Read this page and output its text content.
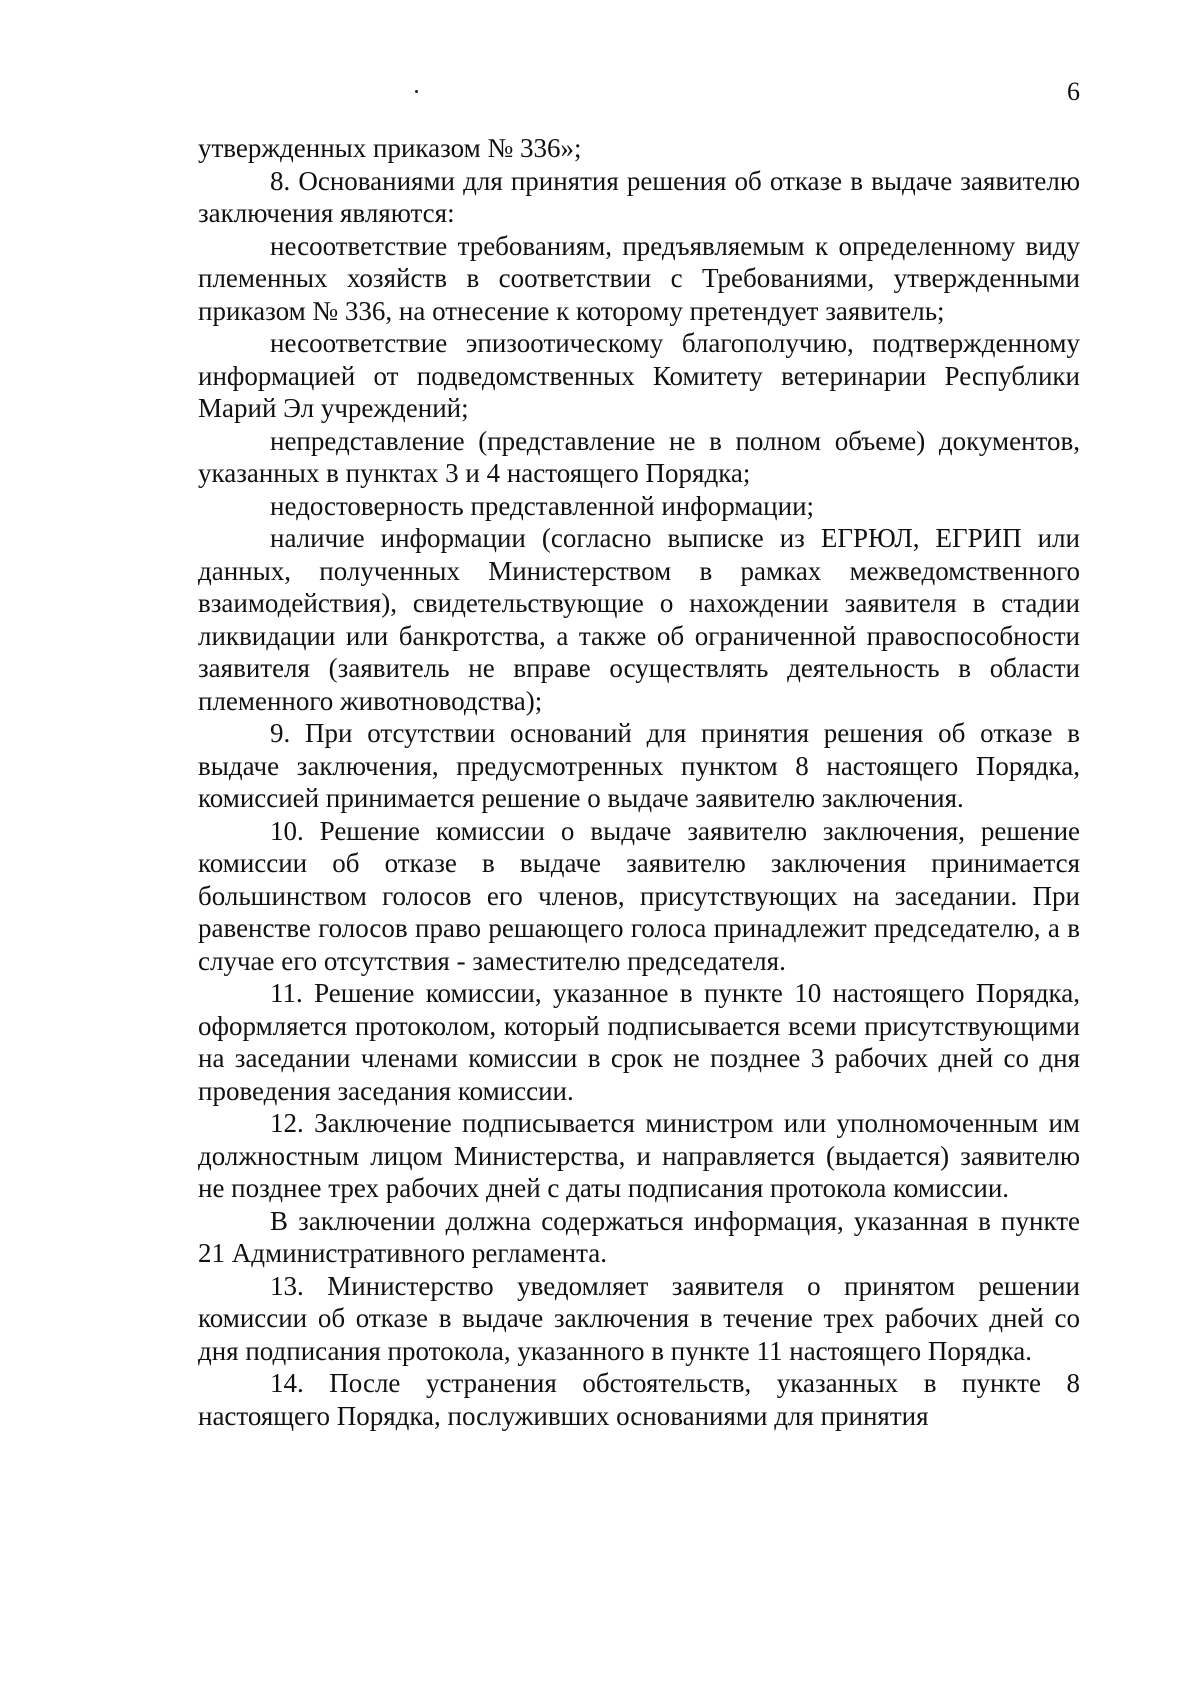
6

утвержденных приказом № 336»;

8. Основаниями для принятия решения об отказе в выдаче заявителю заключения являются:

несоответствие требованиям, предъявляемым к определенному виду племенных хозяйств в соответствии с Требованиями, утвержденными приказом № 336, на отнесение к которому претендует заявитель;

несоответствие эпизоотическому благополучию, подтвержденному информацией от подведомственных Комитету ветеринарии Республики Марий Эл учреждений;

непредставление (представление не в полном объеме) документов, указанных в пунктах 3 и 4 настоящего Порядка;

недостоверность представленной информации;

наличие информации (согласно выписке из ЕГРЮЛ, ЕГРИП или данных, полученных Министерством в рамках межведомственного взаимодействия), свидетельствующие о нахождении заявителя в стадии ликвидации или банкротства, а также об ограниченной правоспособности заявителя (заявитель не вправе осуществлять деятельность в области племенного животноводства);

9. При отсутствии оснований для принятия решения об отказе в выдаче заключения, предусмотренных пунктом 8 настоящего Порядка, комиссией принимается решение о выдаче заявителю заключения.

10. Решение комиссии о выдаче заявителю заключения, решение комиссии об отказе в выдаче заявителю заключения принимается большинством голосов его членов, присутствующих на заседании. При равенстве голосов право решающего голоса принадлежит председателю, а в случае его отсутствия - заместителю председателя.

11. Решение комиссии, указанное в пункте 10 настоящего Порядка, оформляется протоколом, который подписывается всеми присутствующими на заседании членами комиссии в срок не позднее 3 рабочих дней со дня проведения заседания комиссии.

12. Заключение подписывается министром или уполномоченным им должностным лицом Министерства, и направляется (выдается) заявителю не позднее трех рабочих дней с даты подписания протокола комиссии.

В заключении должна содержаться информация, указанная в пункте 21 Административного регламента.

13. Министерство уведомляет заявителя о принятом решении комиссии об отказе в выдаче заключения в течение трех рабочих дней со дня подписания протокола, указанного в пункте 11 настоящего Порядка.

14. После устранения обстоятельств, указанных в пункте 8 настоящего Порядка, послуживших основаниями для принятия
